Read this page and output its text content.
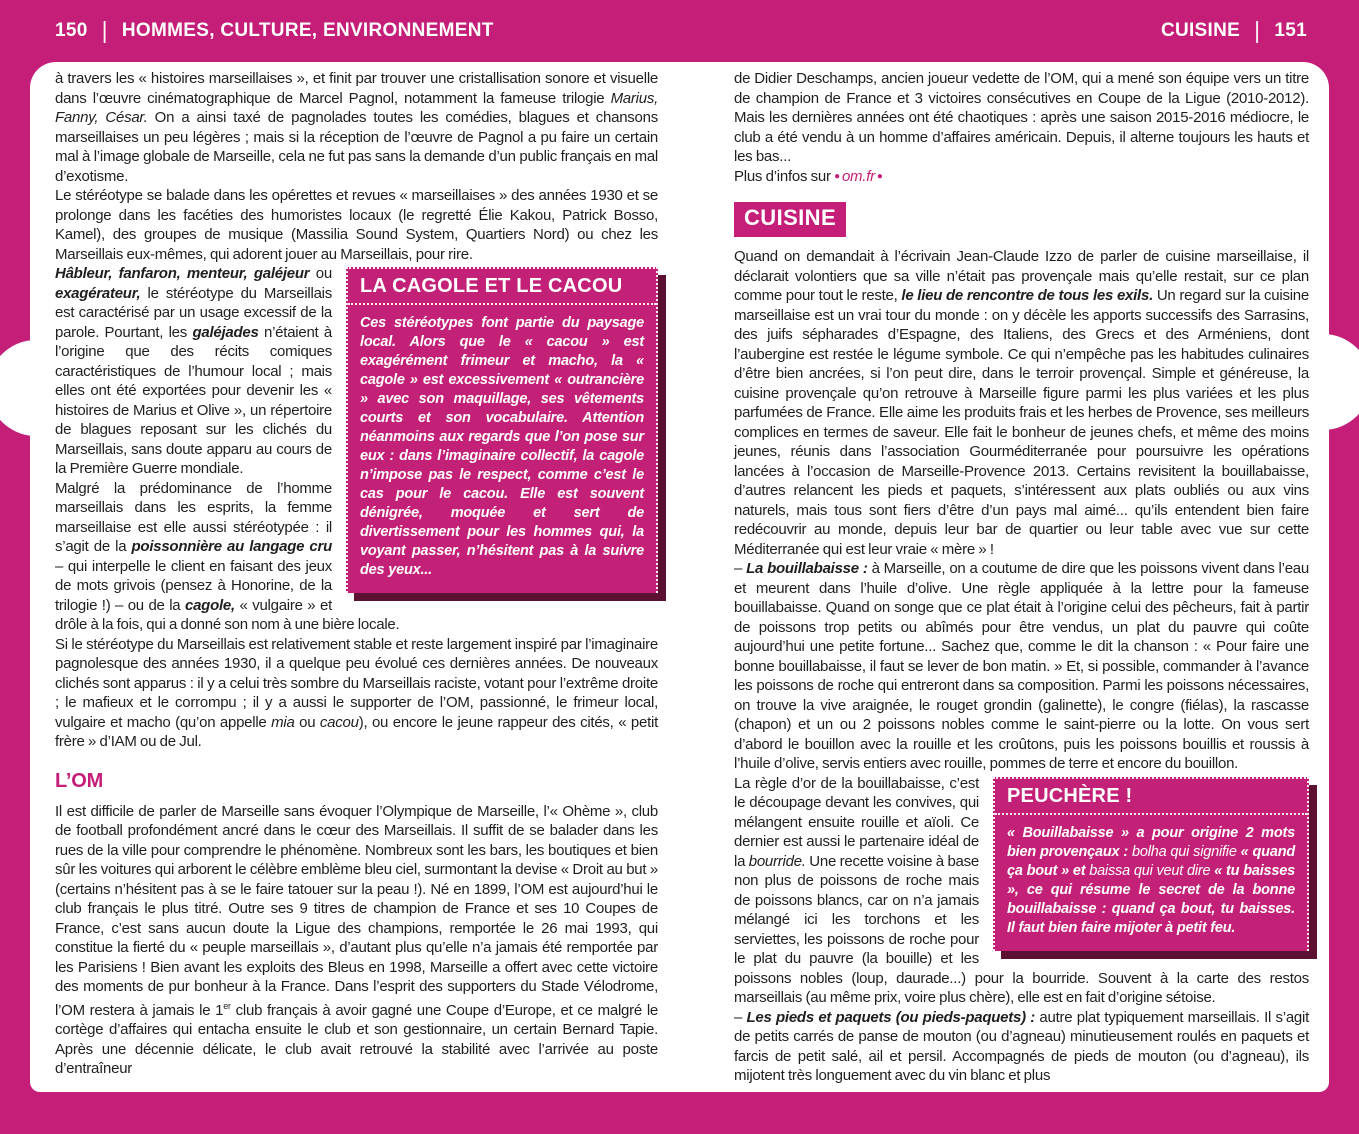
150 | HOMMES, CULTURE, ENVIRONNEMENT	CUISINE | 151

à travers les « histoires marseillaises », et finit par trouver une cristallisation sonore et visuelle dans l’œuvre cinématographique de Marcel Pagnol, notamment la fameuse trilogie Marius, Fanny, César. On a ainsi taxé de pagnolades toutes les comédies, blagues et chansons marseillaises un peu légères ; mais si la réception de l’œuvre de Pagnol a pu faire un certain mal à l’image globale de Marseille, cela ne fut pas sans la demande d’un public français en mal d’exotisme.

Le stéréotype se balade dans les opérettes et revues « marseillaises » des années 1930 et se prolonge dans les facéties des humoristes locaux (le regretté Élie Kakou, Patrick Bosso, Kamel), des groupes de musique (Massilia Sound System, Quartiers Nord) ou chez les Marseillais eux-mêmes, qui adorent jouer au Marseillais, pour rire.

LA CAGOLE ET LE CACOU
Ces stéréotypes font partie du paysage local. Alors que le « cacou » est exagérément frimeur et macho, la « cagole » est excessivement « outrancière » avec son maquillage, ses vêtements courts et son vocabulaire. Attention néanmoins aux regards que l’on pose sur eux : dans l’imaginaire collectif, la cagole n’impose pas le respect, comme c’est le cas pour le cacou. Elle est souvent dénigrée, moquée et sert de divertissement pour les hommes qui, la voyant passer, n’hésitent pas à la suivre des yeux...

Hâbleur, fanfaron, menteur, galéjeur ou exagérateur, le stéréotype du Marseillais est caractérisé par un usage excessif de la parole. Pourtant, les galéjades n’étaient à l’origine que des récits comiques caractéristiques de l’humour local ; mais elles ont été exportées pour devenir les « histoires de Marius et Olive », un répertoire de blagues reposant sur les clichés du Marseillais, sans doute apparu au cours de la Première Guerre mondiale.

Malgré la prédominance de l’homme marseillais dans les esprits, la femme marseillaise est elle aussi stéréotypée : il s’agit de la poissonnière au langage cru – qui interpelle le client en faisant des jeux de mots grivois (pensez à Honorine, de la trilogie !) – ou de la cagole, « vulgaire » et drôle à la fois, qui a donné son nom à une bière locale.

Si le stéréotype du Marseillais est relativement stable et reste largement inspiré par l’imaginaire pagnolesque des années 1930, il a quelque peu évolué ces dernières années. De nouveaux clichés sont apparus : il y a celui très sombre du Marseillais raciste, votant pour l’extrême droite ; le mafieux et le corrompu ; il y a aussi le supporter de l’OM, passionné, le frimeur local, vulgaire et macho (qu’on appelle mia ou cacou), ou encore le jeune rappeur des cités, « petit frère » d’IAM ou de Jul.

L’OM

Il est difficile de parler de Marseille sans évoquer l’Olympique de Marseille, l’« Ohème », club de football profondément ancré dans le cœur des Marseillais. Il suffit de se balader dans les rues de la ville pour comprendre le phénomène. Nombreux sont les bars, les boutiques et bien sûr les voitures qui arborent le célèbre emblème bleu ciel, surmontant la devise « Droit au but » (certains n’hésitent pas à se le faire tatouer sur la peau !). Né en 1899, l’OM est aujourd’hui le club français le plus titré. Outre ses 9 titres de champion de France et ses 10 Coupes de France, c’est sans aucun doute la Ligue des champions, remportée le 26 mai 1993, qui constitue la fierté du « peuple marseillais », d’autant plus qu’elle n’a jamais été remportée par les Parisiens ! Bien avant les exploits des Bleus en 1998, Marseille a offert avec cette victoire des moments de pur bonheur à la France. Dans l’esprit des supporters du Stade Vélodrome, l’OM restera à jamais le 1er club français à avoir gagné une Coupe d’Europe, et ce malgré le cortège d’affaires qui entacha ensuite le club et son gestionnaire, un certain Bernard Tapie. Après une décennie délicate, le club avait retrouvé la stabilité avec l’arrivée au poste d’entraîneur

de Didier Deschamps, ancien joueur vedette de l’OM, qui a mené son équipe vers un titre de champion de France et 3 victoires consécutives en Coupe de la Ligue (2010-2012). Mais les dernières années ont été chaotiques : après une saison 2015-2016 médiocre, le club a été vendu à un homme d’affaires américain. Depuis, il alterne toujours les hauts et les bas...

Plus d’infos sur ● om.fr ●

CUISINE

Quand on demandait à l’écrivain Jean-Claude Izzo de parler de cuisine marseillaise, il déclarait volontiers que sa ville n’était pas provençale mais qu’elle restait, sur ce plan comme pour tout le reste, le lieu de rencontre de tous les exils. Un regard sur la cuisine marseillaise est un vrai tour du monde : on y décèle les apports successifs des Sarrasins, des juifs sépharades d’Espagne, des Italiens, des Grecs et des Arméniens, dont l’aubergine est restée le légume symbole. Ce qui n’empêche pas les habitudes culinaires d’être bien ancrées, si l’on peut dire, dans le terroir provençal. Simple et généreuse, la cuisine provençale qu’on retrouve à Marseille figure parmi les plus variées et les plus parfumées de France. Elle aime les produits frais et les herbes de Provence, ses meilleurs complices en termes de saveur. Elle fait le bonheur de jeunes chefs, et même des moins jeunes, réunis dans l’association Gourméditerranée pour poursuivre les opérations lancées à l’occasion de Marseille-Provence 2013. Certains revisitent la bouillabaisse, d’autres relancent les pieds et paquets, s’intéressent aux plats oubliés ou aux vins naturels, mais tous sont fiers d’être d’un pays mal aimé... qu’ils entendent bien faire redécouvrir au monde, depuis leur bar de quartier ou leur table avec vue sur cette Méditerranée qui est leur vraie « mère » !

– La bouillabaisse : à Marseille, on a coutume de dire que les poissons vivent dans l’eau et meurent dans l’huile d’olive. Une règle appliquée à la lettre pour la fameuse bouillabaisse. Quand on songe que ce plat était à l’origine celui des pêcheurs, fait à partir de poissons trop petits ou abîmés pour être vendus, un plat du pauvre qui coûte aujourd’hui une petite fortune... Sachez que, comme le dit la chanson : « Pour faire une bonne bouillabaisse, il faut se lever de bon matin. » Et, si possible, commander à l’avance les poissons de roche qui entreront dans sa composition. Parmi les poissons nécessaires, on trouve la vive araignée, le rouget grondin (galinette), le congre (fiélas), la rascasse (chapon) et un ou 2 poissons nobles comme le saint-pierre ou la lotte. On vous sert d’abord le bouillon avec la rouille et les croûtons, puis les poissons bouillis et roussis à l’huile d’olive, servis entiers avec rouille, pommes de terre et encore du bouillon.

PEUCHÈRE !
« Bouillabaisse » a pour origine 2 mots bien provençaux : bolha qui signifie « quand ça bout » et baissa qui veut dire « tu baisses », ce qui résume le secret de la bonne bouillabaisse : quand ça bout, tu baisses. Il faut bien faire mijoter à petit feu.

La règle d’or de la bouillabaisse, c’est le découpage devant les convives, qui mélangent ensuite rouille et aïoli. Ce dernier est aussi le partenaire idéal de la bourride. Une recette voisine à base non plus de poissons de roche mais de poissons blancs, car on n’a jamais mélangé ici les torchons et les serviettes, les poissons de roche pour le plat du pauvre (la bouille) et les poissons nobles (loup, daurade...) pour la bourride. Souvent à la carte des restos marseillais (au même prix, voire plus chère), elle est en fait d’origine sétoise.

– Les pieds et paquets (ou pieds-paquets) : autre plat typiquement marseillais. Il s’agit de petits carrés de panse de mouton (ou d’agneau) minutieusement roulés en paquets et farcis de petit salé, ail et persil. Accompagnés de pieds de mouton (ou d’agneau), ils mijotent très longuement avec du vin blanc et plus
